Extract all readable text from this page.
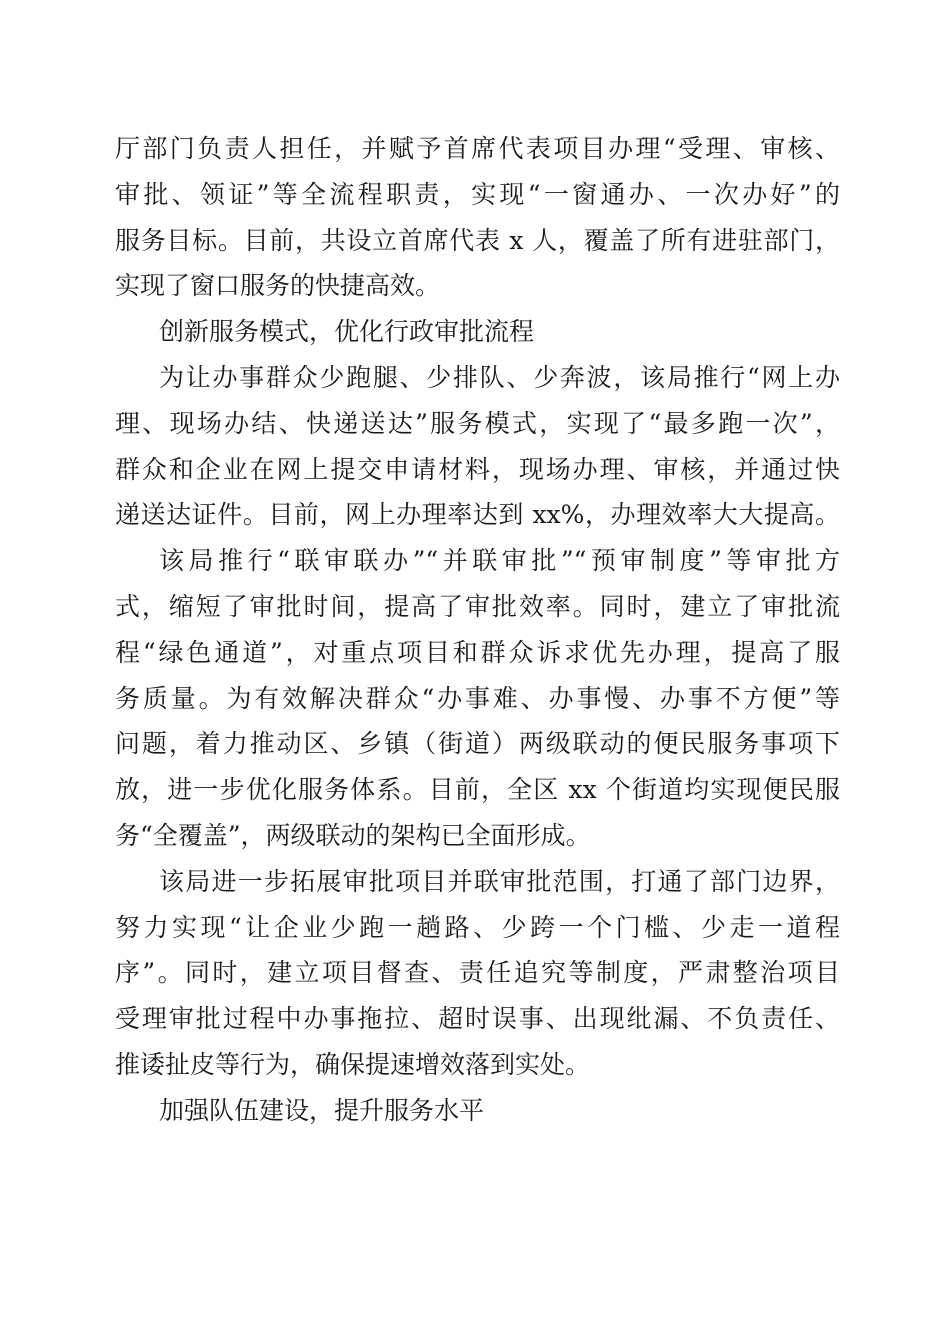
厅部门负责人担任，并赋予首席代表项目办理“受理、审核、
审批、领证”等全流程职责，实现“一窗通办、一次办好”的
服务目标。目前，共设立首席代表 x 人，覆盖了所有进驻部门，
实现了窗口服务的快捷高效。
创新服务模式，优化行政审批流程
为让办事群众少跑腿、少排队、少奔波，该局推行“网上办
理、现场办结、快递送达”服务模式，实现了“最多跑一次”，
群众和企业在网上提交申请材料，现场办理、审核，并通过快
递送达证件。目前，网上办理率达到 xx%，办理效率大大提高。
该局推行“联审联办”“并联审批”“预审制度”等审批方
式，缩短了审批时间，提高了审批效率。同时，建立了审批流
程“绿色通道”，对重点项目和群众诉求优先办理，提高了服
务质量。为有效解决群众“办事难、办事慢、办事不方便”等
问题，着力推动区、乡镇（街道）两级联动的便民服务事项下
放，进一步优化服务体系。目前，全区 xx 个街道均实现便民服
务“全覆盖”，两级联动的架构已全面形成。
该局进一步拓展审批项目并联审批范围，打通了部门边界，
努力实现“让企业少跑一趟路、少跨一个门槛、少走一道程
序”。同时，建立项目督查、责任追究等制度，严肃整治项目
受理审批过程中办事拖拉、超时误事、出现纰漏、不负责任、
推诿扯皮等行为，确保提速增效落到实处。
加强队伍建设，提升服务水平
